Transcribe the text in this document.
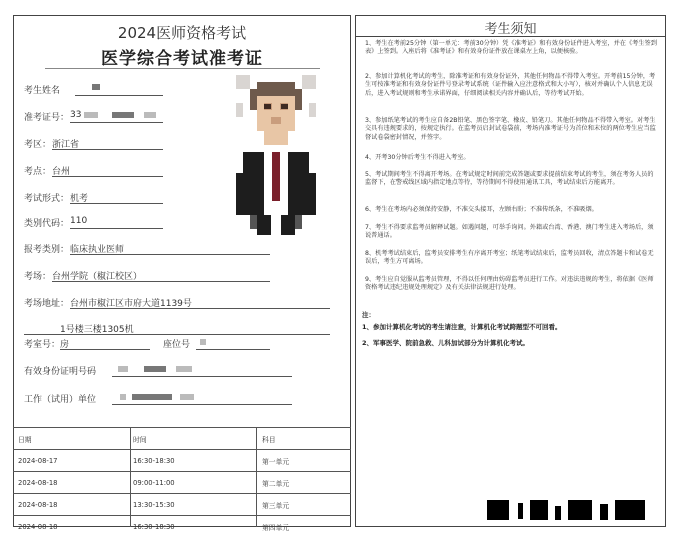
2024医师资格考试
医学综合考试准考证
考生姓名
准考证号： 33
考区： 浙江省
考点： 台州
考试形式： 机考
类别代码： 110
报考类别： 临床执业医师
考场： 台州学院（椒江校区）
考场地址： 台州市椒江区市府大道1139号
1号楼三楼1305机
考室号： 房	座位号
有效身份证明号码
工作（试用）单位
日期	时间	科目
2024-08-17	16:30-18:30	第一单元
2024-08-18	09:00-11:00	第二单元
2024-08-18	13:30-15:30	第三单元
2024-08-18	16:30-18:30	第四单元
考生须知
1、考生在考前25分钟（第一单元：考前30分钟）凭《准考证》和有效身份证件进入考室，并在《考生签到表》上签到。入座后将《准考证》和有效身份证件放在课桌左上角，以便核验。
2、参加计算机化考试的考生，除准考证和有效身份证外，其他任何物品不得带入考室。开考前15分钟，考生可按准考证和有效身份证件号登录考试系统（证件输入应注意格式和大小写），核对并确认个人信息无误后，进入考试规则和考生承诺界面，仔细阅读相关内容并确认后，等待考试开始。
3、参加纸笔考试的考生应自备2B铅笔、黑色签字笔、橡皮、铅笔刀。其他任何物品不得带入考室。对考生交具有违规要求的，按规定执行。在监考员启封试卷袋前，考场内准考证号为首位和末位的两位考生应当监督试卷袋密封情况，并签字。
4、开考30分钟后考生不得进入考室。
5、考试期间考生不得离开考场。在考试规定时间前完成答题或要求提前结束考试的考生，须在考务人员的监督下，在警戒线区域内指定地点等待，等待期间不得使用通讯工具，考试结束后方能离开。
6、考生在考场内必须保持安静，不准交头接耳，左顾右盼；不准传纸条，不准吸烟。
7、考生不得要求监考员解释试题。如遇问题，可举手询问。外籍或台湾、香港、澳门考生进入考场后，须说普通话。
8、机考考试结束后，监考员安排考生有序离开考室；纸笔考试结束后，监考员回收，清点答题卡和试卷无误后，考生方可离场。
9、考生应自觉服从监考员管理，不得以任何理由妨碍监考员进行工作。对违法违规的考生，将依据《医师资格考试违纪违规处理规定》及有关法律法规进行处理。
注：
1、参加计算机化考试的考生请注意，计算机化考试跨题型不可回看。
2、军事医学、院前急救、儿科加试部分为计算机化考试。
